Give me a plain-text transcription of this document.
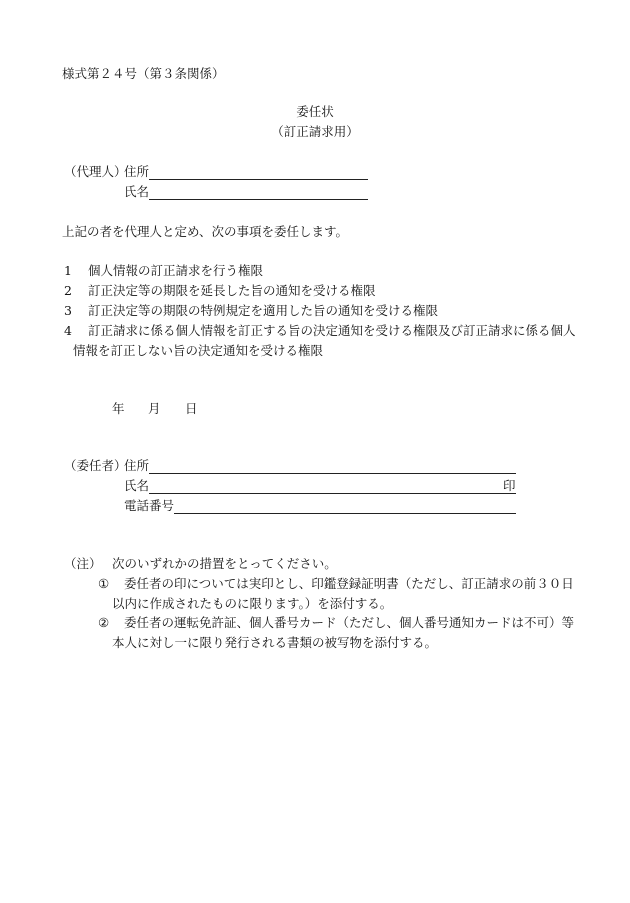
様式第２４号（第３条関係）
委任状
（訂正請求用）
（代理人）
住所
氏名
上記の者を代理人と定め、次の事項を委任します。
1 個人情報の訂正請求を行う権限
2 訂正決定等の期限を延長した旨の通知を受ける権限
3 訂正決定等の期限の特例規定を適用した旨の通知を受ける権限
4 訂正請求に係る個人情報を訂正する旨の決定通知を受ける権限及び訂正請求に係る個人
情報を訂正しない旨の決定通知を受ける権限
年 月 日
（委任者）
住所
氏名	印
電話番号
（注） 次のいずれかの措置をとってください。
① 委任者の印については実印とし、印鑑登録証明書（ただし、訂正請求の前３０日
以内に作成されたものに限ります。）を添付する。
② 委任者の運転免許証、個人番号カード（ただし、個人番号通知カードは不可）等
本人に対し一に限り発行される書類の被写物を添付する。
